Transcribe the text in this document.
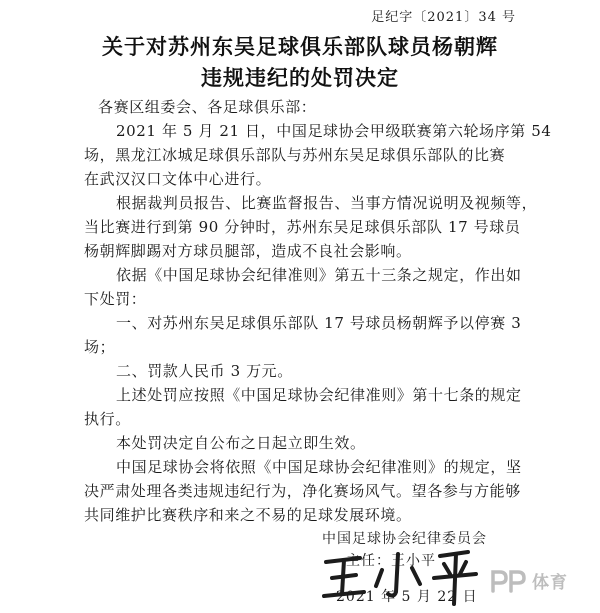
足纪字〔2021〕34 号
关于对苏州东吴足球俱乐部队球员杨朝辉
违规违纪的处罚决定
各赛区组委会、各足球俱乐部：
2021 年 5 月 21 日，中国足球协会甲级联赛第六轮场序第 54
场，黑龙江冰城足球俱乐部队与苏州东吴足球俱乐部队的比赛
在武汉汉口文体中心进行。
根据裁判员报告、比赛监督报告、当事方情况说明及视频等，
当比赛进行到第 90 分钟时，苏州东吴足球俱乐部队 17 号球员
杨朝辉脚踢对方球员腿部，造成不良社会影响。
依据《中国足球协会纪律准则》第五十三条之规定，作出如
下处罚：
一、对苏州东吴足球俱乐部队 17 号球员杨朝辉予以停赛 3
场；
二、罚款人民币 3 万元。
上述处罚应按照《中国足球协会纪律准则》第十七条的规定
执行。
本处罚决定自公布之日起立即生效。
中国足球协会将依照《中国足球协会纪律准则》的规定，坚
决严肃处理各类违规违纪行为，净化赛场风气。望各参与方能够
共同维护比赛秩序和来之不易的足球发展环境。
中国足球协会纪律委员会
主任：王小平
2021 年 5 月 22 日
体育
